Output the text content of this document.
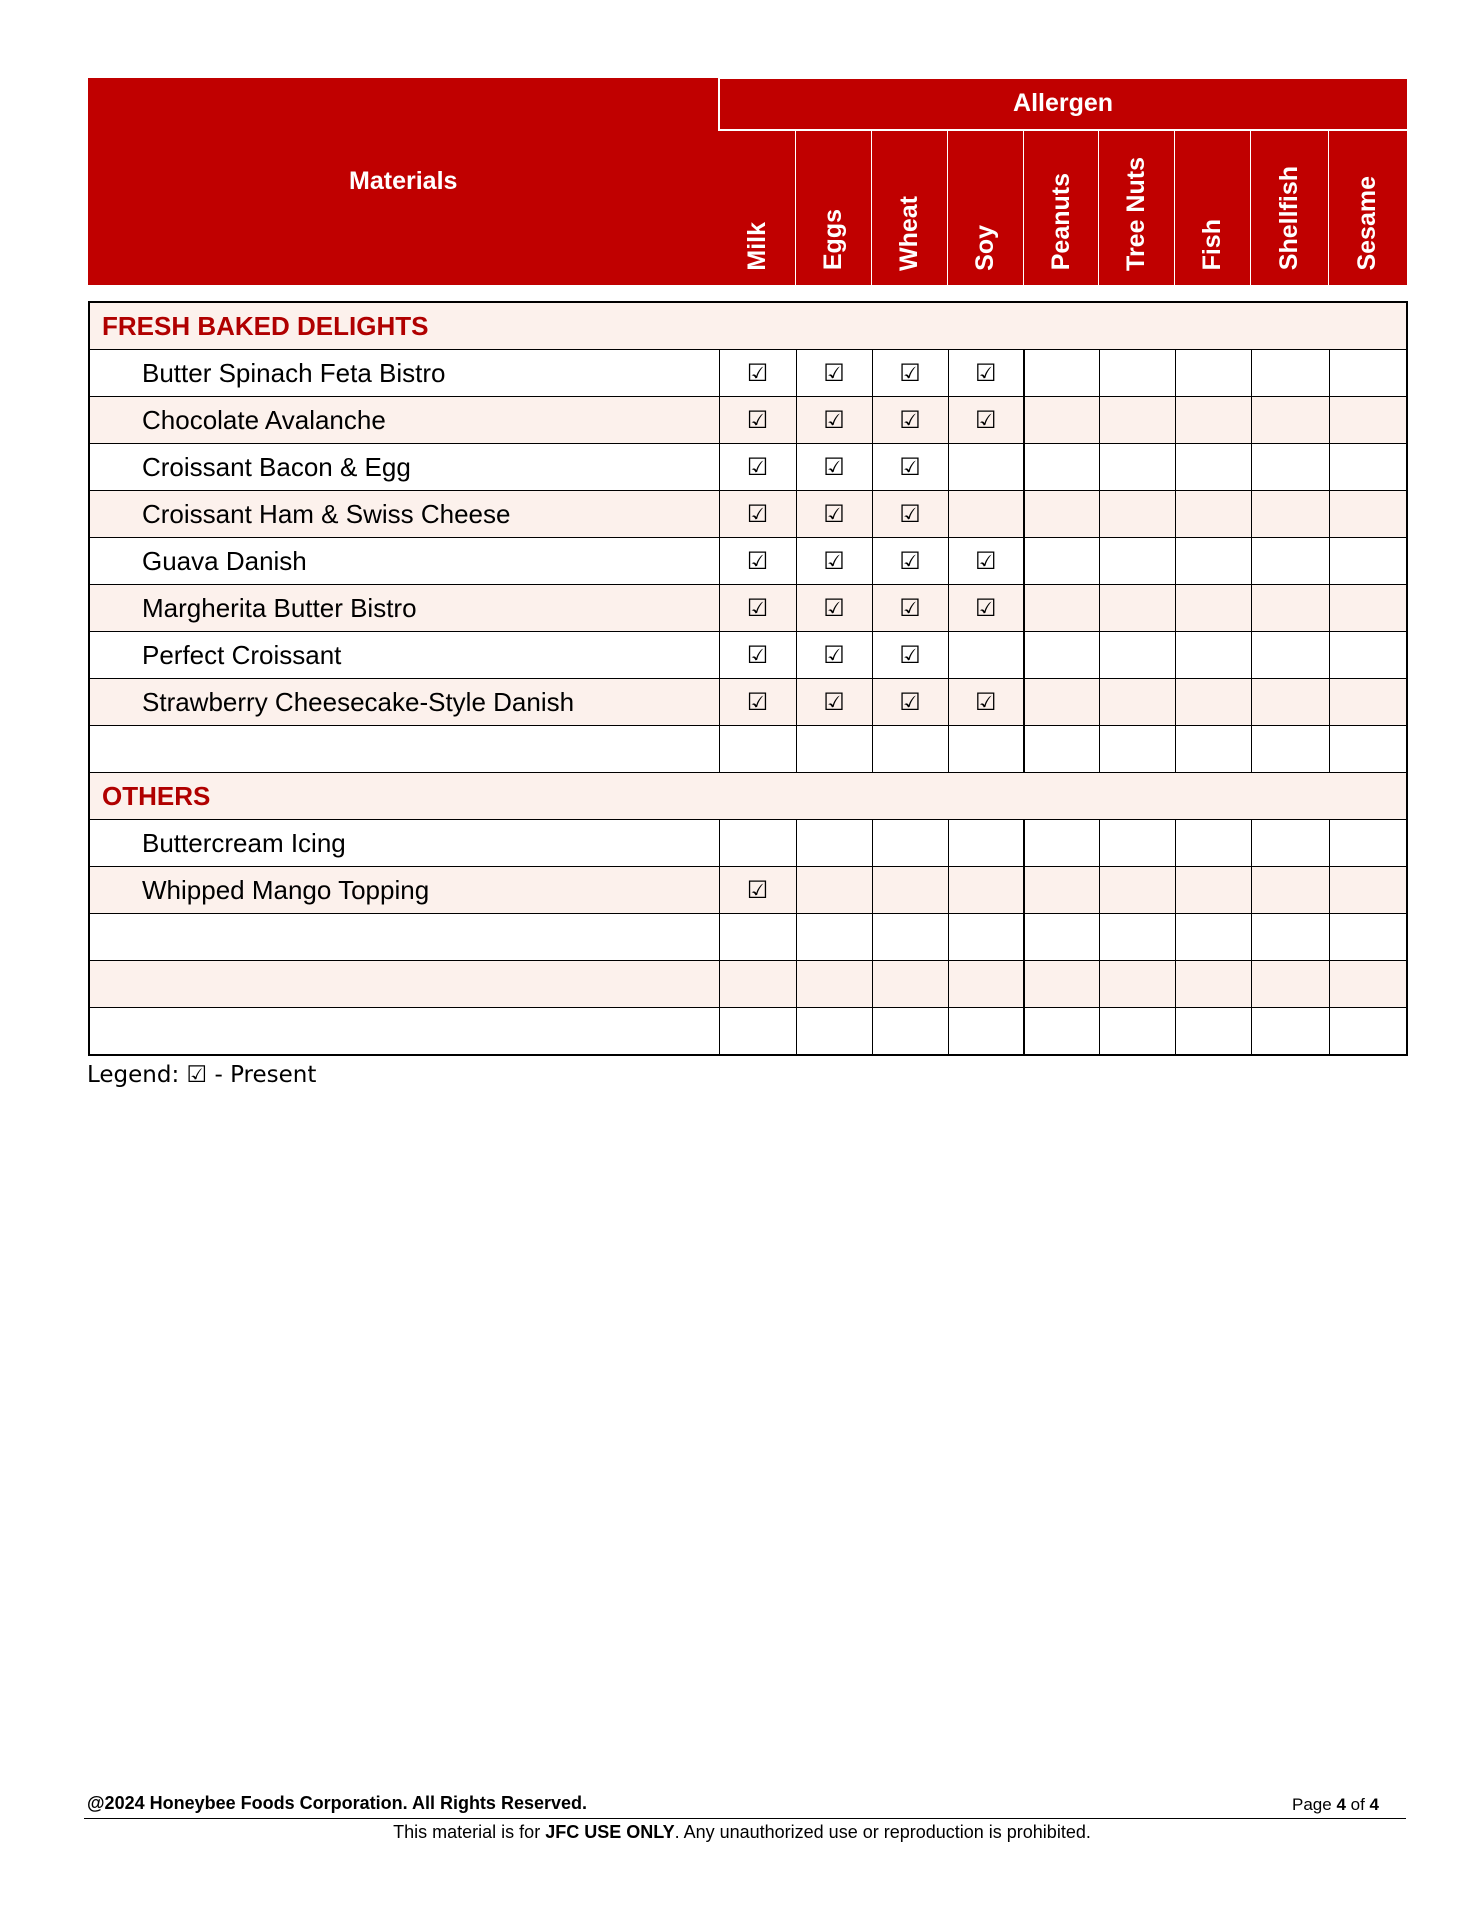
Materials	Allergen								

	Milk	Eggs	Wheat	Soy	Peanuts	Tree Nuts	Fish	Shellfish	Sesame
FRESH BAKED DELIGHTS									
Butter Spinach Feta Bistro	☑	☑	☑	☑					
Chocolate Avalanche	☑	☑	☑	☑					
Croissant Bacon & Egg	☑	☑	☑						
Croissant Ham & Swiss Cheese	☑	☑	☑						
Guava Danish	☑	☑	☑	☑					
Margherita Butter Bistro	☑	☑	☑	☑					
Perfect Croissant	☑	☑	☑						
Strawberry Cheesecake-Style Danish	☑	☑	☑	☑					

OTHERS									
Buttercream Icing									
Whipped Mango Topping	☑								

Legend: ☑ - Present
@2024 Honeybee Foods Corporation. All Rights Reserved.	Page 4 of 4
This material is for JFC USE ONLY. Any unauthorized use or reproduction is prohibited.
